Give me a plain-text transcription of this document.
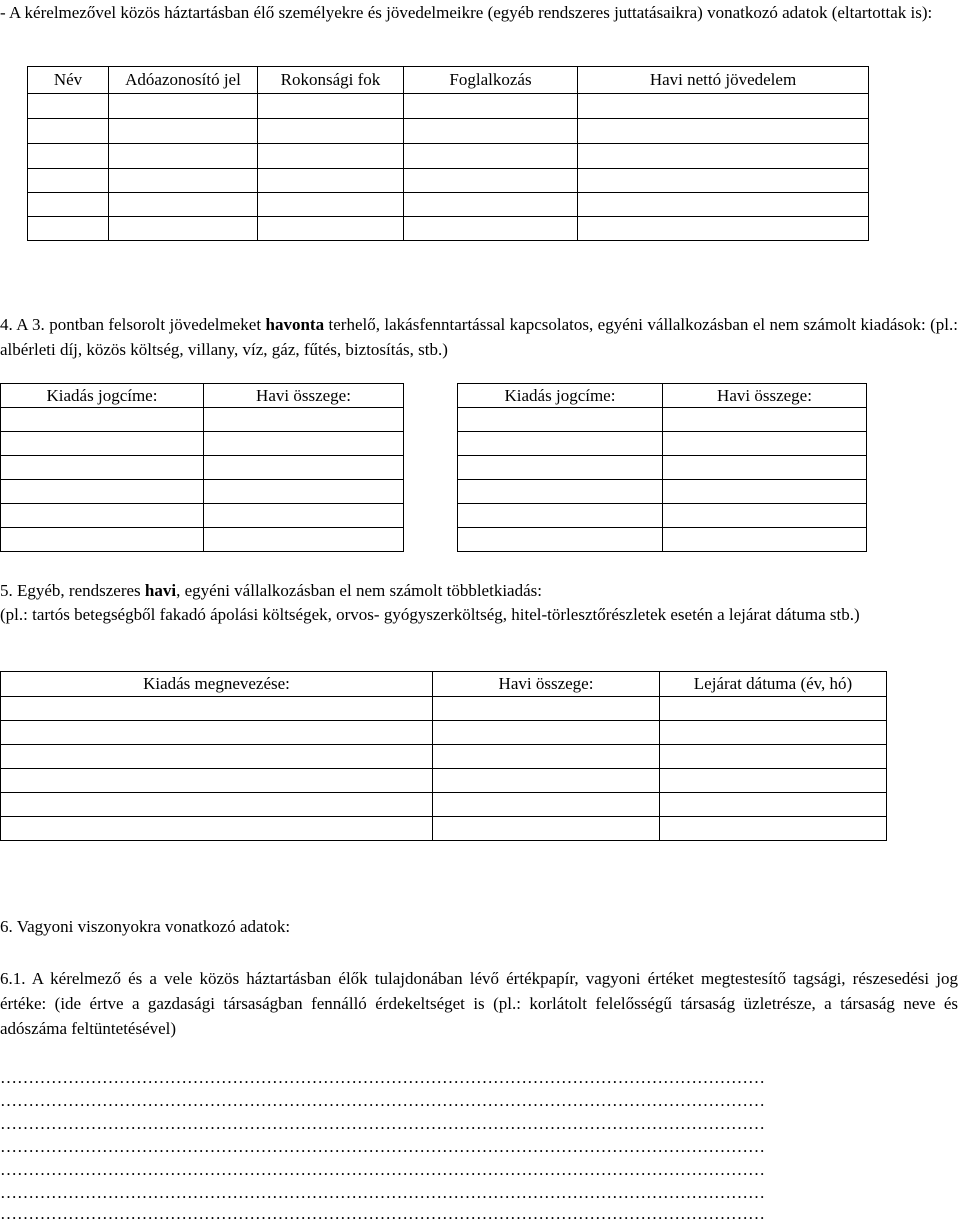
- A kérelmezővel közös háztartásban élő személyekre és jövedelmeikre (egyéb rendszeres juttatásaikra) vonatkozó adatok (eltartottak is):
Név	Adóazonosító jel	Rokonsági fok	Foglalkozás	Havi nettó jövedelem

4. A 3. pontban felsorolt jövedelmeket havonta terhelő, lakásfenntartással kapcsolatos, egyéni vállalkozásban el nem számolt kiadások: (pl.: albérleti díj, közös költség, villany, víz, gáz, fűtés, biztosítás, stb.)
Kiadás jogcíme:	Havi összege:		Kiadás jogcíme:	Havi összege:

5. Egyéb, rendszeres havi, egyéni vállalkozásban el nem számolt többletkiadás:
(pl.: tartós betegségből fakadó ápolási költségek, orvos- gyógyszerköltség, hitel-törlesztőrészletek esetén a lejárat dátuma stb.)
Kiadás megnevezése:	Havi összege:	Lejárat dátuma (év, hó)

6. Vagyoni viszonyokra vonatkozó adatok:
6.1. A kérelmező és a vele közös háztartásban élők tulajdonában lévő értékpapír, vagyoni értéket megtestesítő tagsági, részesedési jog értéke: (ide értve a gazdasági társaságban fennálló érdekeltséget is (pl.: korlátolt felelősségű társaság üzletrésze, a társaság neve és adószáma feltüntetésével)
………………………………………………………………………………………………………………………
………………………………………………………………………………………………………………………
………………………………………………………………………………………………………………………
………………………………………………………………………………………………………………………
………………………………………………………………………………………………………………………
………………………………………………………………………………………………………………………
………………………………………………………………………………………………………………………
